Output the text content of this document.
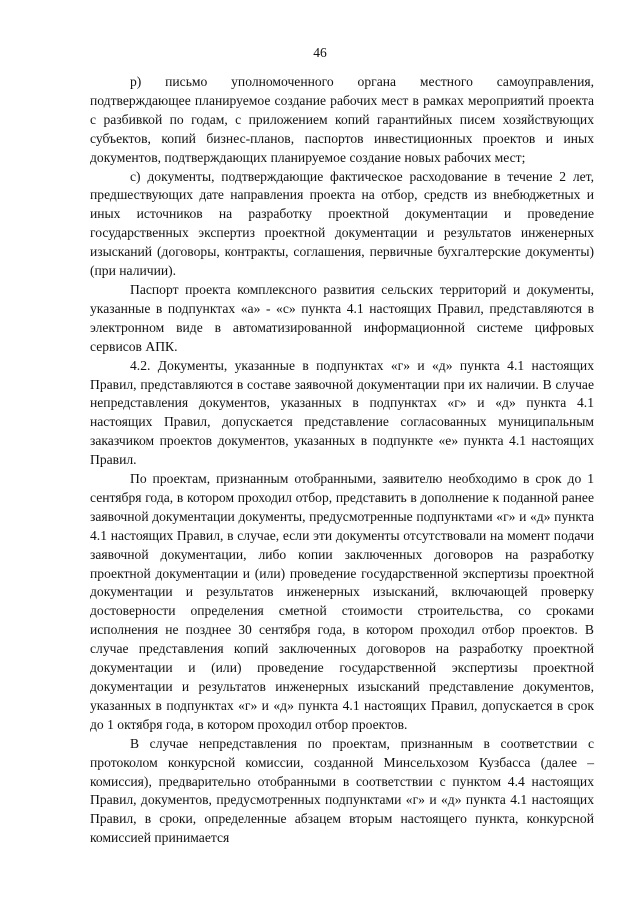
46

р) письмо уполномоченного органа местного самоуправления, подтверждающее планируемое создание рабочих мест в рамках мероприятий проекта с разбивкой по годам, с приложением копий гарантийных писем хозяйствующих субъектов, копий бизнес-планов, паспортов инвестиционных проектов и иных документов, подтверждающих планируемое создание новых рабочих мест;

с) документы, подтверждающие фактическое расходование в течение 2 лет, предшествующих дате направления проекта на отбор, средств из внебюджетных и иных источников на разработку проектной документации и проведение государственных экспертиз проектной документации и результатов инженерных изысканий (договоры, контракты, соглашения, первичные бухгалтерские документы) (при наличии).

Паспорт проекта комплексного развития сельских территорий и документы, указанные в подпунктах «а» - «с» пункта 4.1 настоящих Правил, представляются в электронном виде в автоматизированной информационной системе цифровых сервисов АПК.

4.2. Документы, указанные в подпунктах «г» и «д» пункта 4.1 настоящих Правил, представляются в составе заявочной документации при их наличии. В случае непредставления документов, указанных в подпунктах «г» и «д» пункта 4.1 настоящих Правил, допускается представление согласованных муниципальным заказчиком проектов документов, указанных в подпункте «е» пункта 4.1 настоящих Правил.

По проектам, признанным отобранными, заявителю необходимо в срок до 1 сентября года, в котором проходил отбор, представить в дополнение к поданной ранее заявочной документации документы, предусмотренные подпунктами «г» и «д» пункта 4.1 настоящих Правил, в случае, если эти документы отсутствовали на момент подачи заявочной документации, либо копии заключенных договоров на разработку проектной документации и (или) проведение государственной экспертизы проектной документации и результатов инженерных изысканий, включающей проверку достоверности определения сметной стоимости строительства, со сроками исполнения не позднее 30 сентября года, в котором проходил отбор проектов. В случае представления копий заключенных договоров на разработку проектной документации и (или) проведение государственной экспертизы проектной документации и результатов инженерных изысканий представление документов, указанных в подпунктах «г» и «д» пункта 4.1 настоящих Правил, допускается в срок до 1 октября года, в котором проходил отбор проектов.

В случае непредставления по проектам, признанным в соответствии с протоколом конкурсной комиссии, созданной Минсельхозом Кузбасса (далее – комиссия), предварительно отобранными в соответствии с пунктом 4.4 настоящих Правил, документов, предусмотренных подпунктами «г» и «д» пункта 4.1 настоящих Правил, в сроки, определенные абзацем вторым настоящего пункта, конкурсной комиссией принимается
